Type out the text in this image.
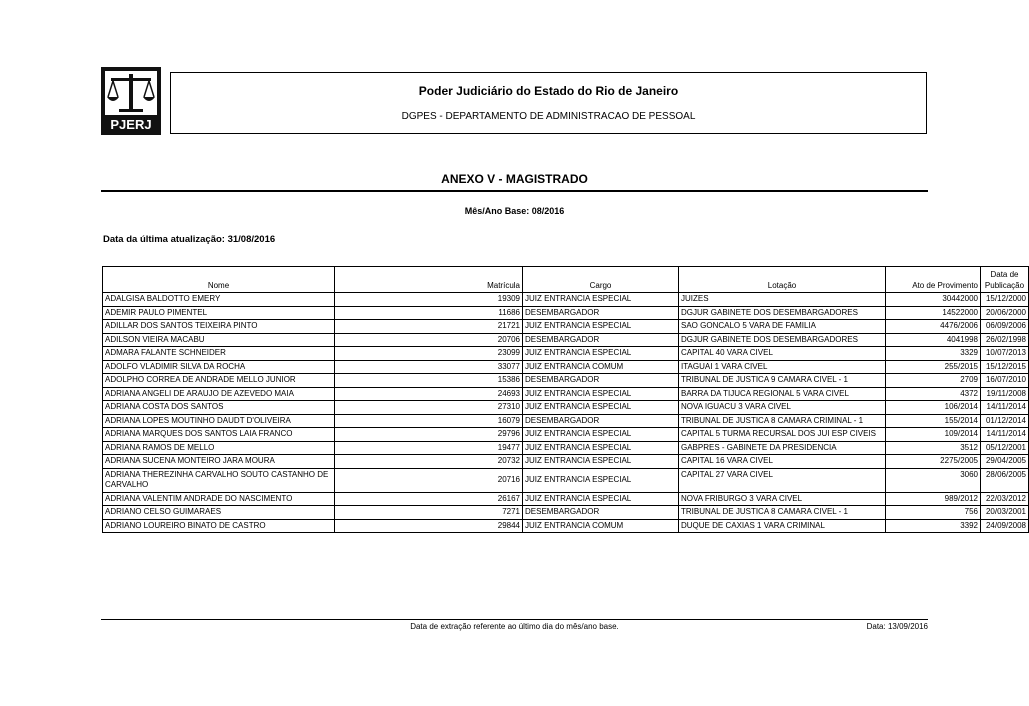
PJERJ
Poder Judiciário do Estado do Rio de Janeiro
DGPES - DEPARTAMENTO DE ADMINISTRACAO DE PESSOAL
ANEXO V - MAGISTRADO
Mês/Ano Base: 08/2016
Data da última atualização: 31/08/2016
Nome	Matrícula	Cargo	Lotação	Ato de Provimento	Data de Publicação
ADALGISA BALDOTTO EMERY	19309	JUIZ ENTRANCIA ESPECIAL	JUIZES	30442000	15/12/2000
ADEMIR PAULO PIMENTEL	11686	DESEMBARGADOR	DGJUR GABINETE DOS DESEMBARGADORES	14522000	20/06/2000
ADILLAR DOS SANTOS TEIXEIRA PINTO	21721	JUIZ ENTRANCIA ESPECIAL	SAO GONCALO 5 VARA DE FAMILIA	4476/2006	06/09/2006
ADILSON VIEIRA MACABU	20706	DESEMBARGADOR	DGJUR GABINETE DOS DESEMBARGADORES	4041998	26/02/1998
ADMARA FALANTE SCHNEIDER	23099	JUIZ ENTRANCIA ESPECIAL	CAPITAL 40 VARA CIVEL	3329	10/07/2013
ADOLFO VLADIMIR SILVA DA ROCHA	33077	JUIZ ENTRANCIA COMUM	ITAGUAI 1 VARA CIVEL	255/2015	15/12/2015
ADOLPHO CORREA DE ANDRADE MELLO JUNIOR	15386	DESEMBARGADOR	TRIBUNAL DE JUSTICA 9 CAMARA CIVEL - 1	2709	16/07/2010
ADRIANA ANGELI DE ARAUJO DE AZEVEDO MAIA	24693	JUIZ ENTRANCIA ESPECIAL	BARRA DA TIJUCA REGIONAL 5 VARA CIVEL	4372	19/11/2008
ADRIANA COSTA DOS SANTOS	27310	JUIZ ENTRANCIA ESPECIAL	NOVA IGUACU 3 VARA CIVEL	106/2014	14/11/2014
ADRIANA LOPES MOUTINHO DAUDT D'OLIVEIRA	16079	DESEMBARGADOR	TRIBUNAL DE JUSTICA 8 CAMARA CRIMINAL - 1	155/2014	01/12/2014
ADRIANA MARQUES DOS SANTOS LAIA FRANCO	29796	JUIZ ENTRANCIA ESPECIAL	CAPITAL 5 TURMA RECURSAL DOS JUI ESP CIVEIS	109/2014	14/11/2014
ADRIANA RAMOS DE MELLO	19477	JUIZ ENTRANCIA ESPECIAL	GABPRES - GABINETE DA PRESIDENCIA	3512	05/12/2001
ADRIANA SUCENA MONTEIRO JARA MOURA	20732	JUIZ ENTRANCIA ESPECIAL	CAPITAL 16 VARA CIVEL	2275/2005	29/04/2005
ADRIANA THEREZINHA CARVALHO SOUTO CASTANHO DE CARVALHO	20716	JUIZ ENTRANCIA ESPECIAL	CAPITAL 27 VARA CIVEL	3060	28/06/2005
ADRIANA VALENTIM ANDRADE DO NASCIMENTO	26167	JUIZ ENTRANCIA ESPECIAL	NOVA FRIBURGO 3 VARA CIVEL	989/2012	22/03/2012
ADRIANO CELSO GUIMARAES	7271	DESEMBARGADOR	TRIBUNAL DE JUSTICA 8 CAMARA CIVEL - 1	756	20/03/2001
ADRIANO LOUREIRO BINATO DE CASTRO	29844	JUIZ ENTRANCIA COMUM	DUQUE DE CAXIAS 1 VARA CRIMINAL	3392	24/09/2008
Data de extração referente ao último dia do mês/ano base.	Data: 13/09/2016
